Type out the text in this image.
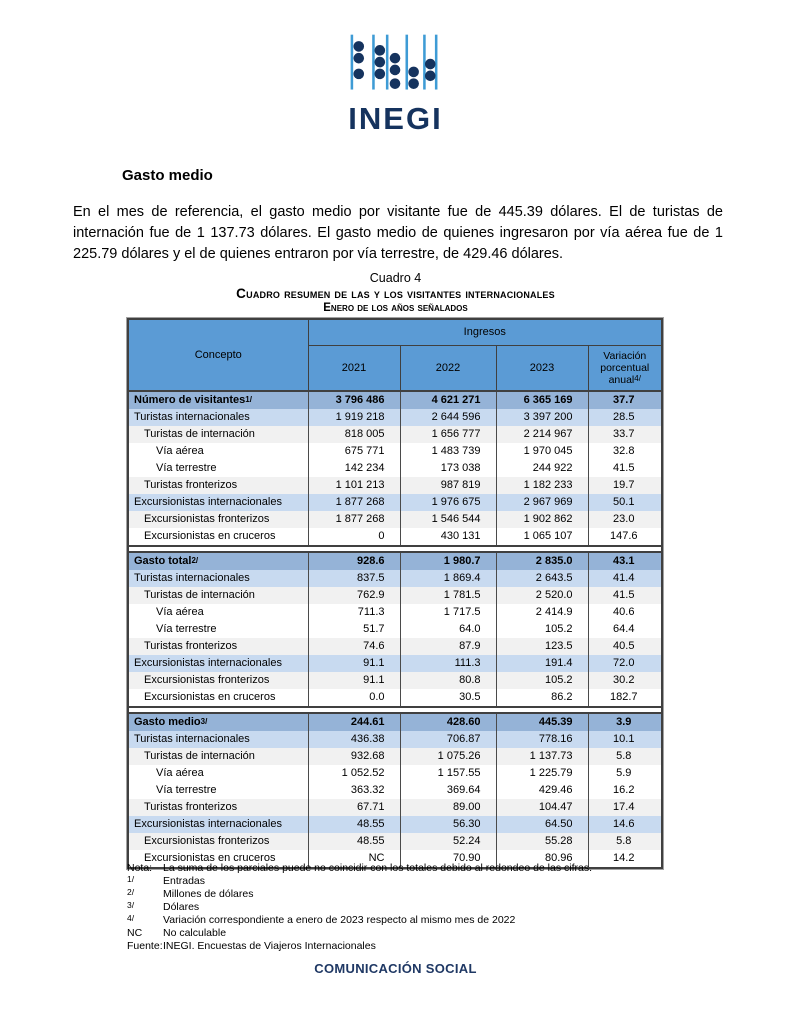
INEGI
Gasto medio

En el mes de referencia, el gasto medio por visitante fue de 445.39 dólares. El de turistas de internación fue de 1 137.73 dólares. El gasto medio de quienes ingresaron por vía aérea fue de 1 225.79 dólares y el de quienes entraron por vía terrestre, de 429.46 dólares.

Cuadro 4
Cuadro resumen de las y los visitantes internacionales
Enero de los años señalados
Concepto	Ingresos			
	2021	2022	2023	Variación porcentual anual$^{4/}$
Número de visitantes$^{1/}$	3 796 486	4 621 271	6 365 169	37.7
Turistas internacionales	1 919 218	2 644 596	3 397 200	28.5
Turistas de internación	818 005	1 656 777	2 214 967	33.7
Vía aérea	675 771	1 483 739	1 970 045	32.8
Vía terrestre	142 234	173 038	244 922	41.5
Turistas fronterizos	1 101 213	987 819	1 182 233	19.7
Excursionistas internacionales	1 877 268	1 976 675	2 967 969	50.1
Excursionistas fronterizos	1 877 268	1 546 544	1 902 862	23.0
Excursionistas en cruceros	0	430 131	1 065 107	147.6

Gasto total$^{2/}$	928.6	1 980.7	2 835.0	43.1
Turistas internacionales	837.5	1 869.4	2 643.5	41.4
Turistas de internación	762.9	1 781.5	2 520.0	41.5
Vía aérea	711.3	1 717.5	2 414.9	40.6
Vía terrestre	51.7	64.0	105.2	64.4
Turistas fronterizos	74.6	87.9	123.5	40.5
Excursionistas internacionales	91.1	111.3	191.4	72.0
Excursionistas fronterizos	91.1	80.8	105.2	30.2
Excursionistas en cruceros	0.0	30.5	86.2	182.7

Gasto medio$^{3/}$	244.61	428.60	445.39	3.9
Turistas internacionales	436.38	706.87	778.16	10.1
Turistas de internación	932.68	1 075.26	1 137.73	5.8
Vía aérea	1 052.52	1 157.55	1 225.79	5.9
Vía terrestre	363.32	369.64	429.46	16.2
Turistas fronterizos	67.71	89.00	104.47	17.4
Excursionistas internacionales	48.55	56.30	64.50	14.6
Excursionistas fronterizos	48.55	52.24	55.28	5.8
Excursionistas en cruceros	NC	70.90	80.96	14.2
Nota:	La suma de los parciales puede no coincidir con los totales debido al redondeo de las cifras.
1/	Entradas
2/	Millones de dólares
3/	Dólares
4/	Variación correspondiente a enero de 2023 respecto al mismo mes de 2022
NC	No calculable
Fuente: INEGI. Encuestas de Viajeros Internacionales
COMUNICACIÓN SOCIAL
